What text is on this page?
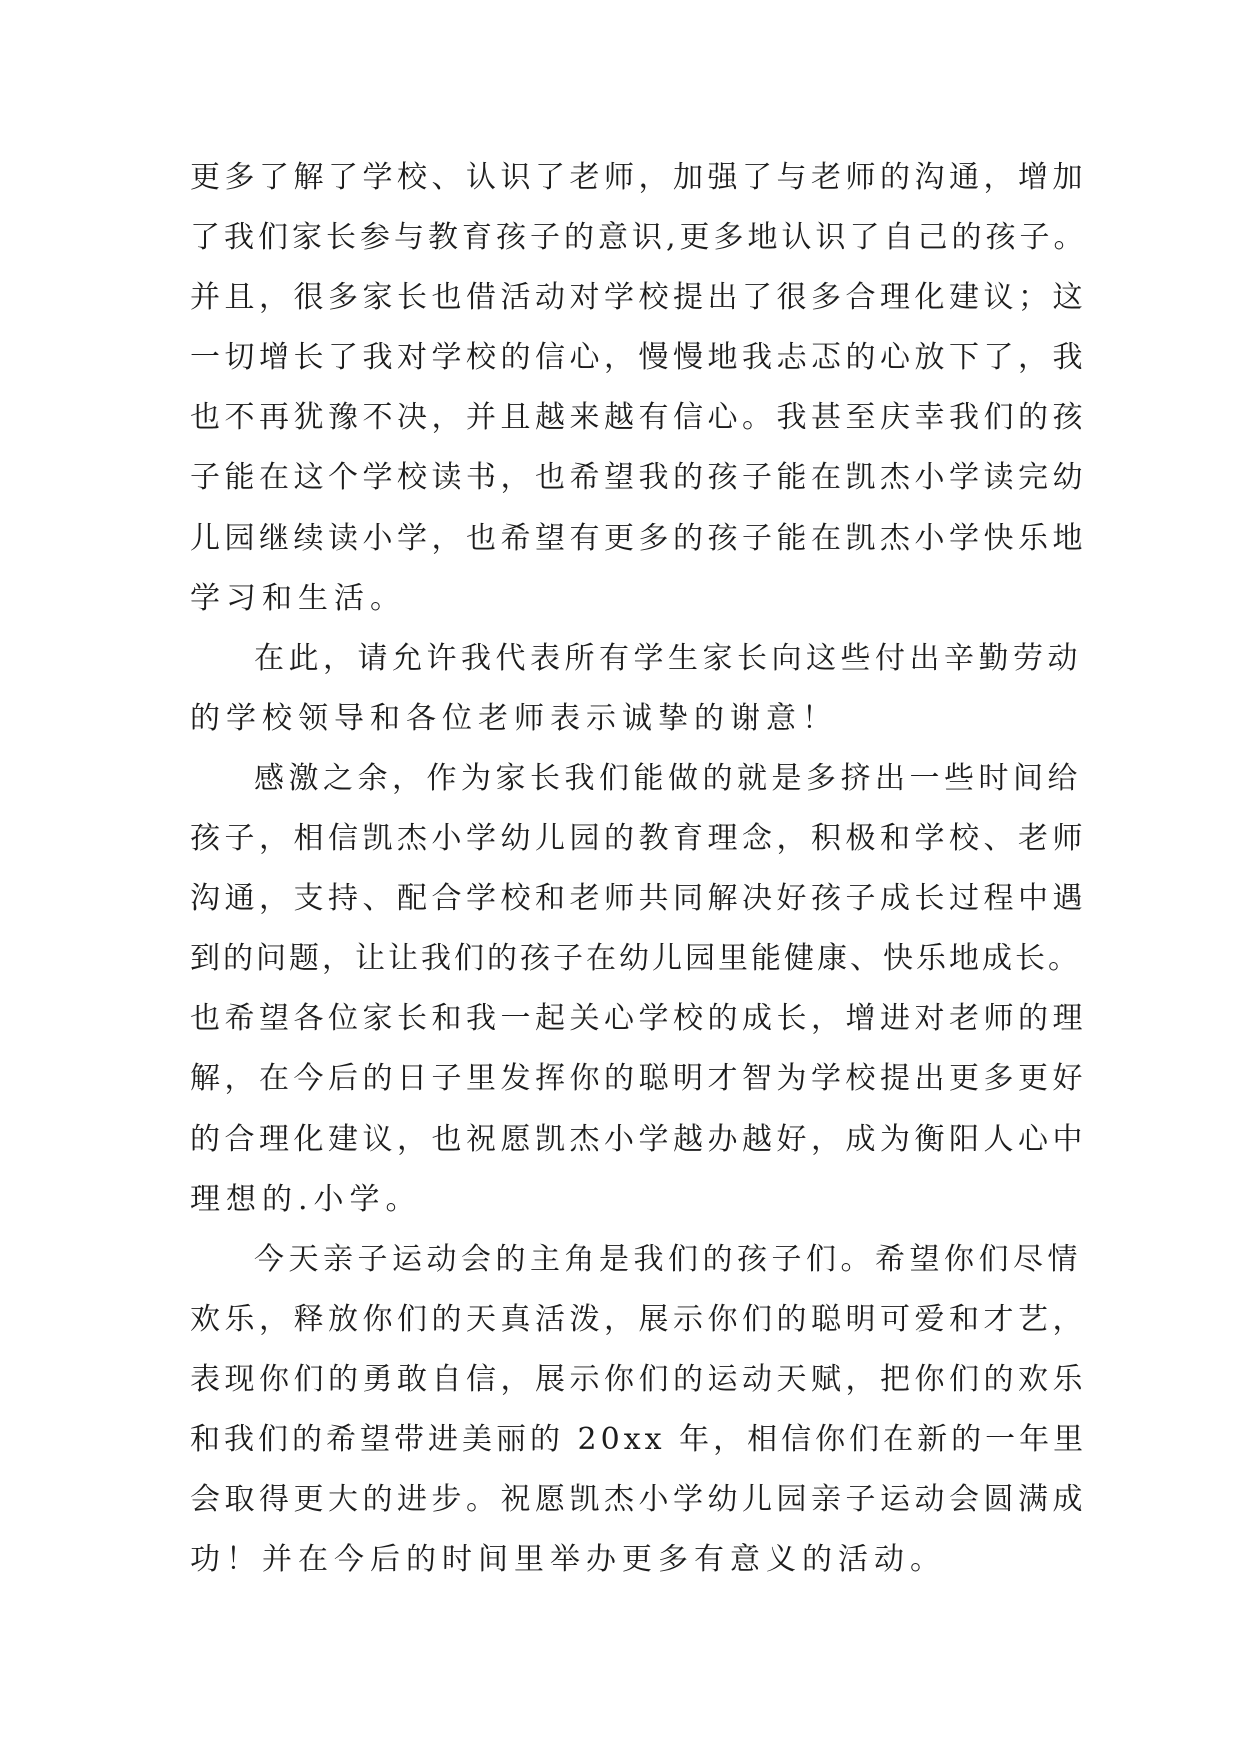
更多了解了学校、认识了老师，加强了与老师的沟通，增加
了我们家长参与教育孩子的意识,更多地认识了自己的孩子。
并且，很多家长也借活动对学校提出了很多合理化建议；这
一切增长了我对学校的信心，慢慢地我忐忑的心放下了，我
也不再犹豫不决，并且越来越有信心。我甚至庆幸我们的孩
子能在这个学校读书，也希望我的孩子能在凯杰小学读完幼
儿园继续读小学，也希望有更多的孩子能在凯杰小学快乐地
学习和生活。
在此，请允许我代表所有学生家长向这些付出辛勤劳动
的学校领导和各位老师表示诚挚的谢意！
感激之余，作为家长我们能做的就是多挤出一些时间给
孩子，相信凯杰小学幼儿园的教育理念，积极和学校、老师
沟通，支持、配合学校和老师共同解决好孩子成长过程中遇
到的问题，让让我们的孩子在幼儿园里能健康、快乐地成长。
也希望各位家长和我一起关心学校的成长，增进对老师的理
解，在今后的日子里发挥你的聪明才智为学校提出更多更好
的合理化建议，也祝愿凯杰小学越办越好，成为衡阳人心中
理想的.小学。
今天亲子运动会的主角是我们的孩子们。希望你们尽情
欢乐，释放你们的天真活泼，展示你们的聪明可爱和才艺，
表现你们的勇敢自信，展示你们的运动天赋，把你们的欢乐
和我们的希望带进美丽的 20xx 年，相信你们在新的一年里
会取得更大的进步。祝愿凯杰小学幼儿园亲子运动会圆满成
功！并在今后的时间里举办更多有意义的活动。
